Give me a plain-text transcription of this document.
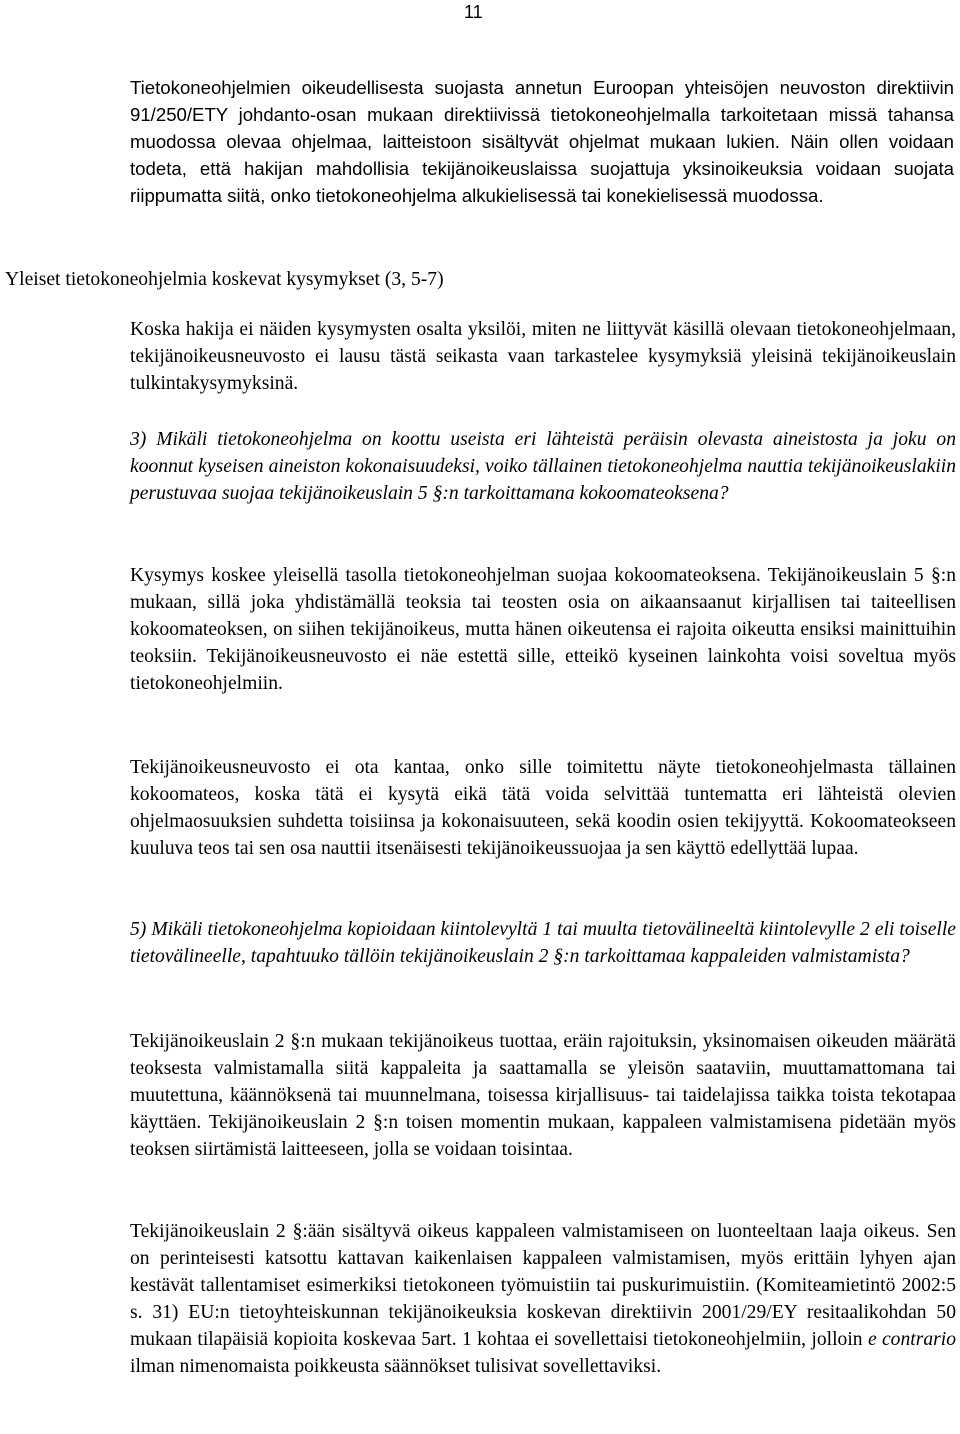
11

Tietokoneohjelmien oikeudellisesta suojasta annetun Euroopan yhteisöjen neuvoston direktiivin 91/250/ETY johdanto-osan mukaan direktiivissä tietokoneohjelmalla tarkoitetaan missä tahansa muodossa olevaa ohjelmaa, laitteistoon sisältyvät ohjelmat mukaan lukien. Näin ollen voidaan todeta, että hakijan mahdollisia tekijänoikeuslaissa suojattuja yksinoikeuksia voidaan suojata riippumatta siitä, onko tietokoneohjelma alkukielisessä tai konekielisessä muodossa.

Yleiset tietokoneohjelmia koskevat kysymykset (3, 5-7)

Koska hakija ei näiden kysymysten osalta yksilöi, miten ne liittyvät käsillä olevaan tietokoneohjelmaan, tekijänoikeusneuvosto ei lausu tästä seikasta vaan tarkastelee kysymyksiä yleisinä tekijänoikeuslain tulkintakysymyksinä.

3) Mikäli tietokoneohjelma on koottu useista eri lähteistä peräisin olevasta aineistosta ja joku on koonnut kyseisen aineiston kokonaisuudeksi, voiko tällainen tietokoneohjelma nauttia tekijänoikeuslakiin perustuvaa suojaa tekijänoikeuslain 5 §:n tarkoittamana kokoomateoksena?

Kysymys koskee yleisellä tasolla tietokoneohjelman suojaa kokoomateoksena. Tekijänoikeuslain 5 §:n mukaan, sillä joka yhdistämällä teoksia tai teosten osia on aikaansaanut kirjallisen tai taiteellisen kokoomateoksen, on siihen tekijänoikeus, mutta hänen oikeutensa ei rajoita oikeutta ensiksi mainittuihin teoksiin. Tekijänoikeusneuvosto ei näe estettä sille, etteikö kyseinen lainkohta voisi soveltua myös tietokoneohjelmiin.

Tekijänoikeusneuvosto ei ota kantaa, onko sille toimitettu näyte tietokoneohjelmasta tällainen kokoomateos, koska tätä ei kysytä eikä tätä voida selvittää tuntematta eri lähteistä olevien ohjelmaosuuksien suhdetta toisiinsa ja kokonaisuuteen, sekä koodin osien tekijyyttä. Kokoomateokseen kuuluva teos tai sen osa nauttii itsenäisesti tekijänoikeussuojaa ja sen käyttö edellyttää lupaa.

5) Mikäli tietokoneohjelma kopioidaan kiintolevyltä 1 tai muulta tietovälineeltä kiintolevylle 2 eli toiselle tietovälineelle, tapahtuuko tällöin tekijänoikeuslain 2 §:n tarkoittamaa kappaleiden valmistamista?

Tekijänoikeuslain 2 §:n mukaan tekijänoikeus tuottaa, eräin rajoituksin, yksinomaisen oikeuden määrätä teoksesta valmistamalla siitä kappaleita ja saattamalla se yleisön saataviin, muuttamattomana tai muutettuna, käännöksenä tai muunnelmana, toisessa kirjallisuus- tai taidelajissa taikka toista tekotapaa käyttäen. Tekijänoikeuslain 2 §:n toisen momentin mukaan, kappaleen valmistamisena pidetään myös teoksen siirtämistä laitteeseen, jolla se voidaan toisintaa.

Tekijänoikeuslain 2 §:ään sisältyvä oikeus kappaleen valmistamiseen on luonteeltaan laaja oikeus. Sen on perinteisesti katsottu kattavan kaikenlaisen kappaleen valmistamisen, myös erittäin lyhyen ajan kestävät tallentamiset esimerkiksi tietokoneen työmuistiin tai puskurimuistiin. (Komiteamietintö 2002:5 s. 31) EU:n tietoyhteiskunnan tekijänoikeuksia koskevan direktiivin 2001/29/EY resitaalikohdan 50 mukaan tilapäisiä kopioita koskevaa 5art. 1 kohtaa ei sovellettaisi tietokoneohjelmiin, jolloin e contrario ilman nimenomaista poikkeusta säännökset tulisivat sovellettaviksi.
